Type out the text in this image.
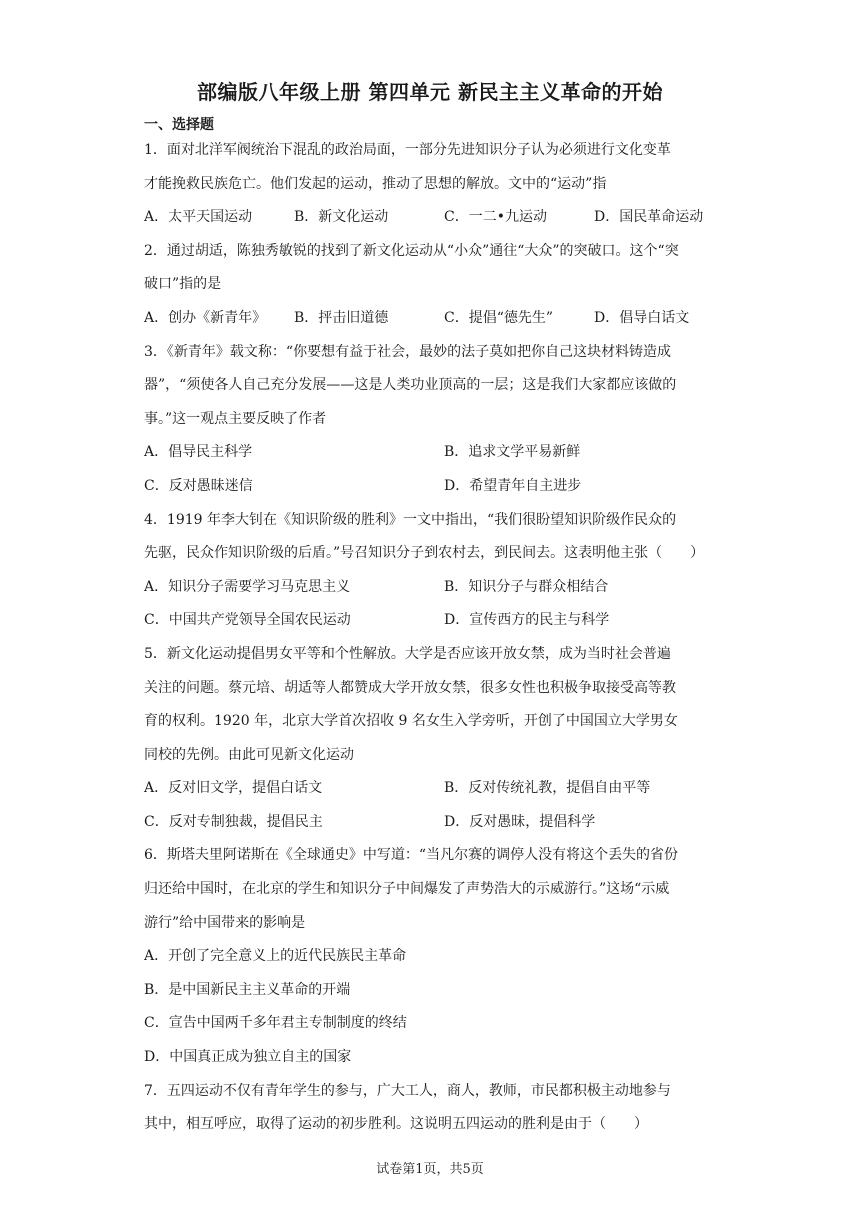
部编版八年级上册 第四单元 新民主主义革命的开始
一、选择题
1．面对北洋军阀统治下混乱的政治局面，一部分先进知识分子认为必须进行文化变革
才能挽救民族危亡。他们发起的运动，推动了思想的解放。文中的“运动”指
A．太平天国运动	B．新文化运动	C．一二•九运动	D．国民革命运动
2．通过胡适，陈独秀敏锐的找到了新文化运动从“小众”通往“大众”的突破口。这个“突
破口”指的是
A．创办《新青年》 B．抨击旧道德	C．提倡“德先生”	D．倡导白话文
3．《新青年》载文称：“你要想有益于社会，最妙的法子莫如把你自己这块材料铸造成
器”，“须使各人自己充分发展——这是人类功业顶高的一层；这是我们大家都应该做的
事。”这一观点主要反映了作者
A．倡导民主科学	B．追求文学平易新鲜
C．反对愚昧迷信	D．希望青年自主进步
4．1919 年李大钊在《知识阶级的胜利》一文中指出，“我们很盼望知识阶级作民众的
先驱，民众作知识阶级的后盾。”号召知识分子到农村去，到民间去。这表明他主张（　　）
A．知识分子需要学习马克思主义	B．知识分子与群众相结合
C．中国共产党领导全国农民运动	D．宣传西方的民主与科学
5．新文化运动提倡男女平等和个性解放。大学是否应该开放女禁，成为当时社会普遍
关注的问题。蔡元培、胡适等人都赞成大学开放女禁，很多女性也积极争取接受高等教
育的权利。1920 年，北京大学首次招收 9 名女生入学旁听，开创了中国国立大学男女
同校的先例。由此可见新文化运动
A．反对旧文学，提倡白话文	B．反对传统礼教，提倡自由平等
C．反对专制独裁，提倡民主	D．反对愚昧，提倡科学
6．斯塔夫里阿诺斯在《全球通史》中写道：“当凡尔赛的调停人没有将这个丢失的省份
归还给中国时，在北京的学生和知识分子中间爆发了声势浩大的示威游行。”这场“示威
游行”给中国带来的影响是
A．开创了完全意义上的近代民族民主革命
B．是中国新民主主义革命的开端
C．宣告中国两千多年君主专制制度的终结
D．中国真正成为独立自主的国家
7．五四运动不仅有青年学生的参与，广大工人，商人，教师，市民都积极主动地参与
其中，相互呼应，取得了运动的初步胜利。这说明五四运动的胜利是由于（　　）
试卷第1页，共5页
